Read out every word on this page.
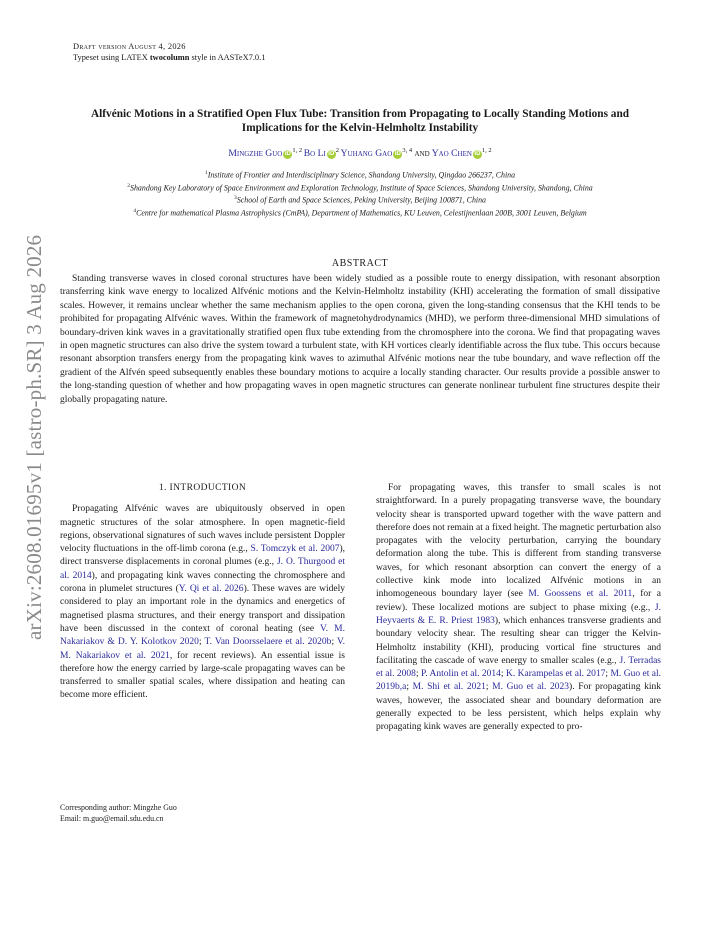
arXiv:2608.01695v1 [astro-ph.SR] 3 Aug 2026
Draft version August 4, 2026
Typeset using LATEX twocolumn style in AASTeX7.0.1
Alfvénic Motions in a Stratified Open Flux Tube: Transition from Propagating to Locally Standing Motions and Implications for the Kelvin-Helmholtz Instability
Mingzhe Guo iD$^{1, 2}$ Bo Li $iD^2$ Yuhang Gao iD$^{3, 4}$ and Yao Chen iD$^{1, 2}$
$^1$Institute of Frontier and Interdisciplinary Science, Shandong University, Qingdao 266237, China
$^2$Shandong Key Laboratory of Space Environment and Exploration Technology, Institute of Space Sciences, Shandong University, Shandong, China
$^3$School of Earth and Space Sciences, Peking University, Beijing 100871, China
$^4$Centre for mathematical Plasma Astrophysics (CmPA), Department of Mathematics, KU Leuven, Celestijnenlaan 200B, 3001 Leuven, Belgium
ABSTRACT
Standing transverse waves in closed coronal structures have been widely studied as a possible route to energy dissipation, with resonant absorption transferring kink wave energy to localized Alfvénic motions and the Kelvin-Helmholtz instability (KHI) accelerating the formation of small dissipative scales. However, it remains unclear whether the same mechanism applies to the open corona, given the long-standing consensus that the KHI tends to be prohibited for propagating Alfvénic waves. Within the framework of magnetohydrodynamics (MHD), we perform three-dimensional MHD simulations of boundary-driven kink waves in a gravitationally stratified open flux tube extending from the chromosphere into the corona. We find that propagating waves in open magnetic structures can also drive the system toward a turbulent state, with KH vortices clearly identifiable across the flux tube. This occurs because resonant absorption transfers energy from the propagating kink waves to azimuthal Alfvénic motions near the tube boundary, and wave reflection off the gradient of the Alfvén speed subsequently enables these boundary motions to acquire a locally standing character. Our results provide a possible answer to the long-standing question of whether and how propagating waves in open magnetic structures can generate nonlinear turbulent fine structures despite their globally propagating nature.
1. INTRODUCTION

Propagating Alfvénic waves are ubiquitously observed in open magnetic structures of the solar atmosphere. In open magnetic-field regions, observational signatures of such waves include persistent Doppler velocity fluctuations in the off-limb corona (e.g., S. Tomczyk et al. 2007), direct transverse displacements in coronal plumes (e.g., J. O. Thurgood et al. 2014), and propagating kink waves connecting the chromosphere and corona in plumelet structures (Y. Qi et al. 2026). These waves are widely considered to play an important role in the dynamics and energetics of magnetised plasma structures, and their energy transport and dissipation have been discussed in the context of coronal heating (see V. M. Nakariakov & D. Y. Kolotkov 2020; T. Van Doorsselaere et al. 2020b; V. M. Nakariakov et al. 2021, for recent reviews). An essential issue is therefore how the energy carried by large-scale propagating waves can be transferred to smaller spatial scales, where dissipation and heating can become more efficient.

For propagating waves, this transfer to small scales is not straightforward. In a purely propagating transverse wave, the boundary velocity shear is transported upward together with the wave pattern and therefore does not remain at a fixed height. The magnetic perturbation also propagates with the velocity perturbation, carrying the boundary deformation along the tube. This is different from standing transverse waves, for which resonant absorption can convert the energy of a collective kink mode into localized Alfvénic motions in an inhomogeneous boundary layer (see M. Goossens et al. 2011, for a review). These localized motions are subject to phase mixing (e.g., J. Heyvaerts & E. R. Priest 1983), which enhances transverse gradients and boundary velocity shear. The resulting shear can trigger the Kelvin-Helmholtz instability (KHI), producing vortical fine structures and facilitating the cascade of wave energy to smaller scales (e.g., J. Terradas et al. 2008; P. Antolin et al. 2014; K. Karampelas et al. 2017; M. Guo et al. 2019b,a; M. Shi et al. 2021; M. Guo et al. 2023). For propagating kink waves, however, the associated shear and boundary deformation are generally expected to be less persistent, which helps explain why propagating kink waves are generally expected to pro-

Corresponding author: Mingzhe Guo
Email: m.guo@email.sdu.edu.cn
